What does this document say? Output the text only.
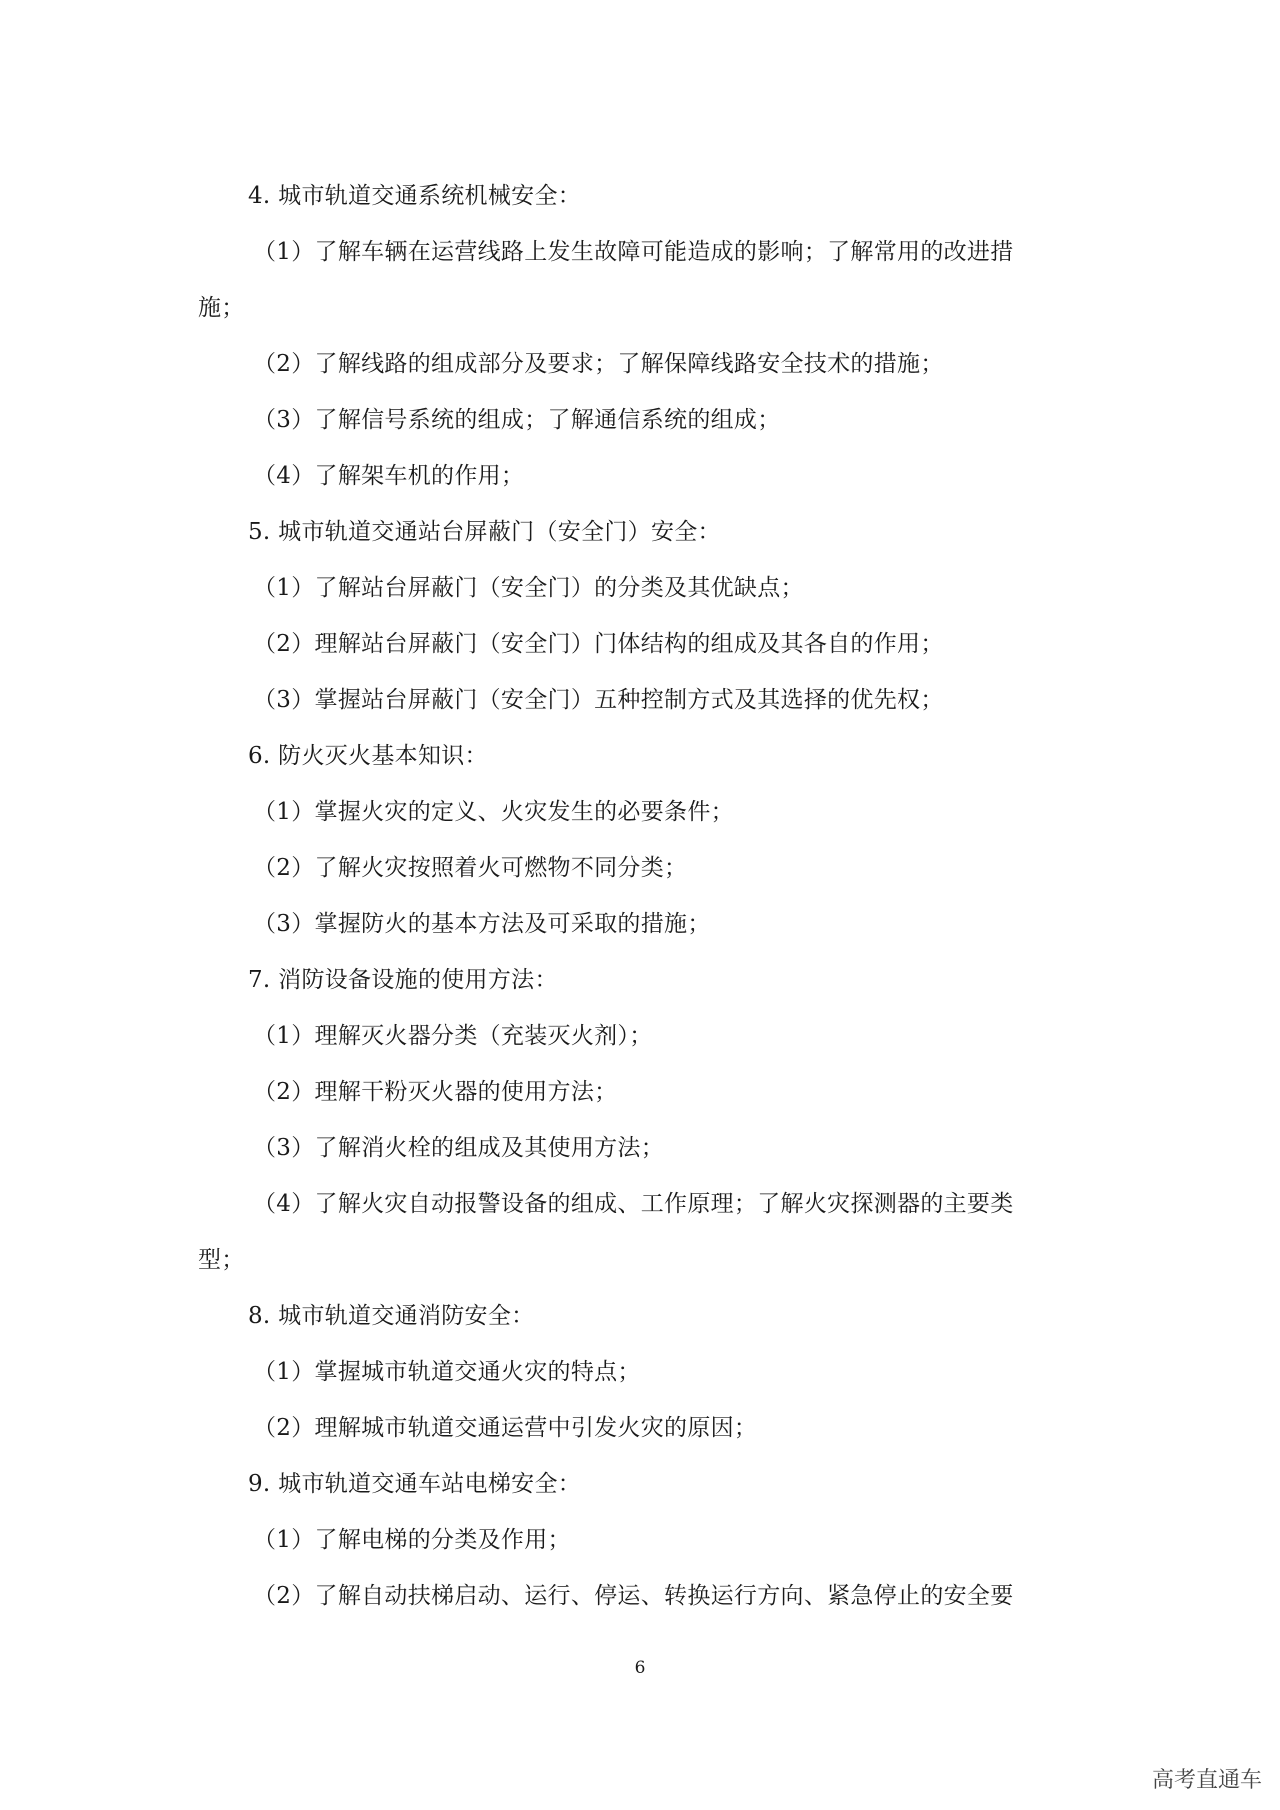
4. 城市轨道交通系统机械安全：
（1）了解车辆在运营线路上发生故障可能造成的影响；了解常用的改进措
施；
（2）了解线路的组成部分及要求；了解保障线路安全技术的措施；
（3）了解信号系统的组成；了解通信系统的组成；
（4）了解架车机的作用；
5. 城市轨道交通站台屏蔽门（安全门）安全：
（1）了解站台屏蔽门（安全门）的分类及其优缺点；
（2）理解站台屏蔽门（安全门）门体结构的组成及其各自的作用；
（3）掌握站台屏蔽门（安全门）五种控制方式及其选择的优先权；
6. 防火灭火基本知识：
（1）掌握火灾的定义、火灾发生的必要条件；
（2）了解火灾按照着火可燃物不同分类；
（3）掌握防火的基本方法及可采取的措施；
7. 消防设备设施的使用方法：
（1）理解灭火器分类（充装灭火剂）；
（2）理解干粉灭火器的使用方法；
（3）了解消火栓的组成及其使用方法；
（4）了解火灾自动报警设备的组成、工作原理；了解火灾探测器的主要类
型；
8. 城市轨道交通消防安全：
（1）掌握城市轨道交通火灾的特点；
（2）理解城市轨道交通运营中引发火灾的原因；
9. 城市轨道交通车站电梯安全：
（1）了解电梯的分类及作用；
（2）了解自动扶梯启动、运行、停运、转换运行方向、紧急停止的安全要
6
高考直通车
